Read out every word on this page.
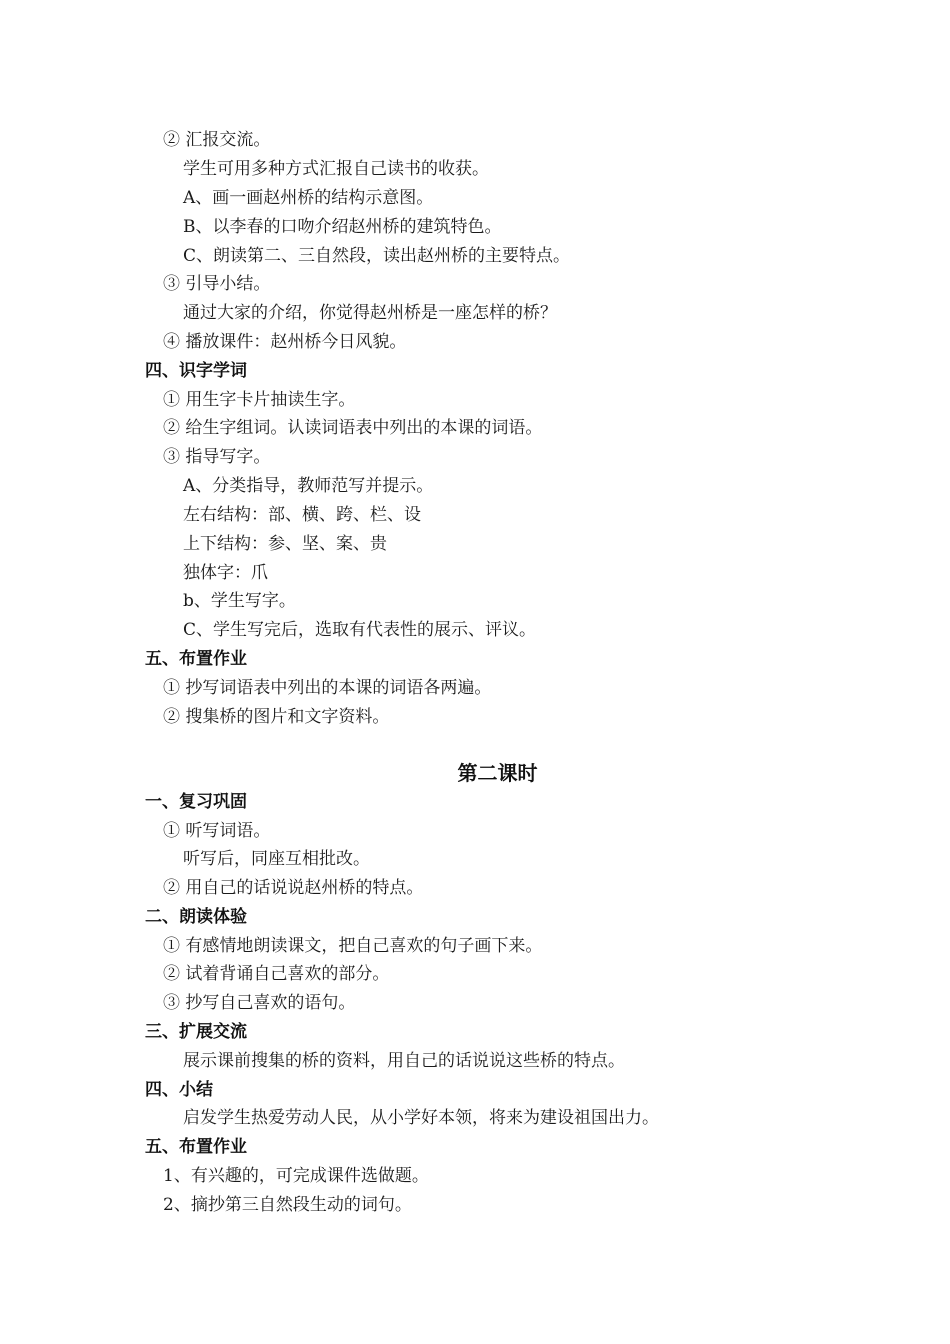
② 汇报交流。
学生可用多种方式汇报自己读书的收获。
A、画一画赵州桥的结构示意图。
B、以李春的口吻介绍赵州桥的建筑特色。
C、朗读第二、三自然段，读出赵州桥的主要特点。
③ 引导小结。
通过大家的介绍，你觉得赵州桥是一座怎样的桥？
④ 播放课件：赵州桥今日风貌。
四、识字学词
① 用生字卡片抽读生字。
② 给生字组词。认读词语表中列出的本课的词语。
③ 指导写字。
A、分类指导，教师范写并提示。
左右结构：部、横、跨、栏、设
上下结构：参、坚、案、贵
独体字：爪
b、学生写字。
C、学生写完后，选取有代表性的展示、评议。
五、布置作业
① 抄写词语表中列出的本课的词语各两遍。
② 搜集桥的图片和文字资料。
第二课时
一、复习巩固
① 听写词语。
听写后，同座互相批改。
② 用自己的话说说赵州桥的特点。
二、朗读体验
① 有感情地朗读课文，把自己喜欢的句子画下来。
② 试着背诵自己喜欢的部分。
③ 抄写自己喜欢的语句。
三、扩展交流
展示课前搜集的桥的资料，用自己的话说说这些桥的特点。
四、小结
启发学生热爱劳动人民，从小学好本领，将来为建设祖国出力。
五、布置作业
1、有兴趣的，可完成课件选做题。
2、摘抄第三自然段生动的词句。
